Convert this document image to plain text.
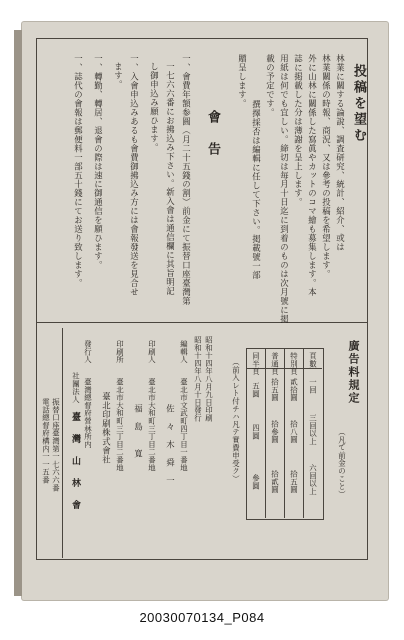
投稿を望む
林業に關する論說、調査研究、統計、紹介、或は
林業關係の時報、商況、又は參考の投稿を希望します。
外に山林に關係した寫眞やカットのコマ繪も募集します。本
誌に掲載した分は薄謝を呈上します。
用紙は何でも宜しい。締切は毎月十日迄に到着のものは次月號に掲
載の予定です。
撰擇採否は編輯に任して下さい。掲載號一部
贈呈します。
會　告
一、會費年額参圓（月二十五錢の割）前金にて振替口座臺灣第
一七六六番にお拂込み下さい。新入會は通信欄に其旨明記
し御申込み願ひます。
一、入會申込みあるも會費御拂込み方には會報發送を見合せ
ます。
一、轉勤、轉居、退會の際は速に御通信を願ひます。
一、誌代の會報は郵便料一部五十錢にてお送り致します。
廣告料規定
（凡て前金のこと）
頁數
一回
三回以上
六回以上
特別頁
貳拾圓
拾八圓
拾五圓
普通頁
拾五圓
拾參圓
拾貳圓
同半頁
五圓
四圓
參圓
（前入レト付チハ凡テ實費申受ク）
昭和十四年八月九日印刷
昭和十四年八月十日發行
編輯人
臺北市文武町四丁目一番地
佐　々　木　舜　一
印刷人
臺北市大和町三丁目二番地
福　島　　寬
印刷所
臺北市大和町三丁目二番地
臺北印刷株式會社
發行人
臺灣總督府營林所内
社團法人
臺　灣　山　林　會
振替口座臺灣第一七六六番
電話總督府構内一一五番
20030070134_P084
